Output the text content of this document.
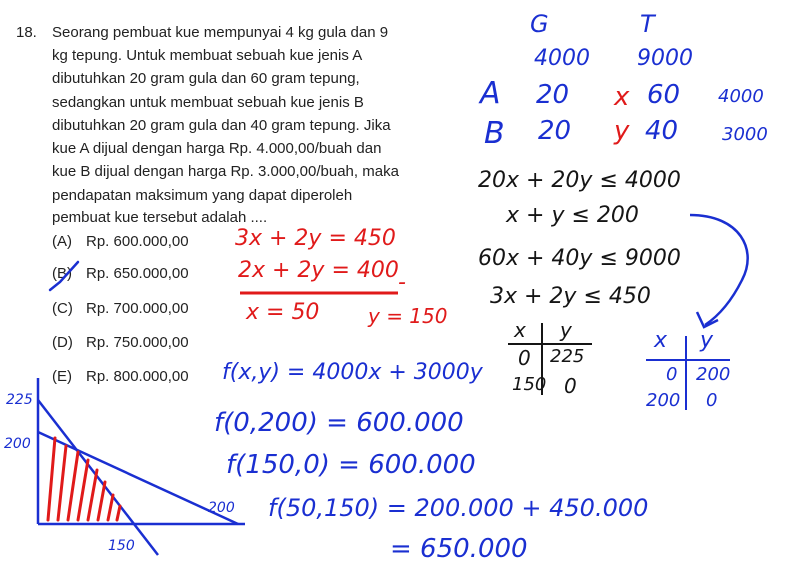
18. Seorang pembuat kue mempunyai 4 kg gula dan 9
kg tepung. Untuk membuat sebuah kue jenis A
dibutuhkan 20 gram gula dan 60 gram tepung,
sedangkan untuk membuat sebuah kue jenis B
dibutuhkan 20 gram gula dan 40 gram tepung. Jika
kue A dijual dengan harga Rp. 4.000,00/buah dan
kue B dijual dengan harga Rp. 3.000,00/buah, maka
pendapatan maksimum yang dapat diperoleh
pembuat kue tersebut adalah ....
(A) Rp. 600.000,00
(B) Rp. 650.000,00
(C) Rp. 700.000,00
(D) Rp. 750.000,00
(E) Rp. 800.000,00
G	T
4000 9000
A 20 x 60 4000
B 20 y 40 3000
20x + 20y ≤ 4000
x + y ≤ 200
60x + 40y ≤ 9000
3x + 2y ≤ 450
3x + 2y = 450
2x + 2y = 400 -
x = 50 y = 150
x y
0 225
150 0
x y
0 200
200 0
f(x,y) = 4000x + 3000y
f(0,200) = 600.000
f(150,0) = 600.000
f(50,150) = 200.000 + 450.000
= 650.000
225
200
200
150
